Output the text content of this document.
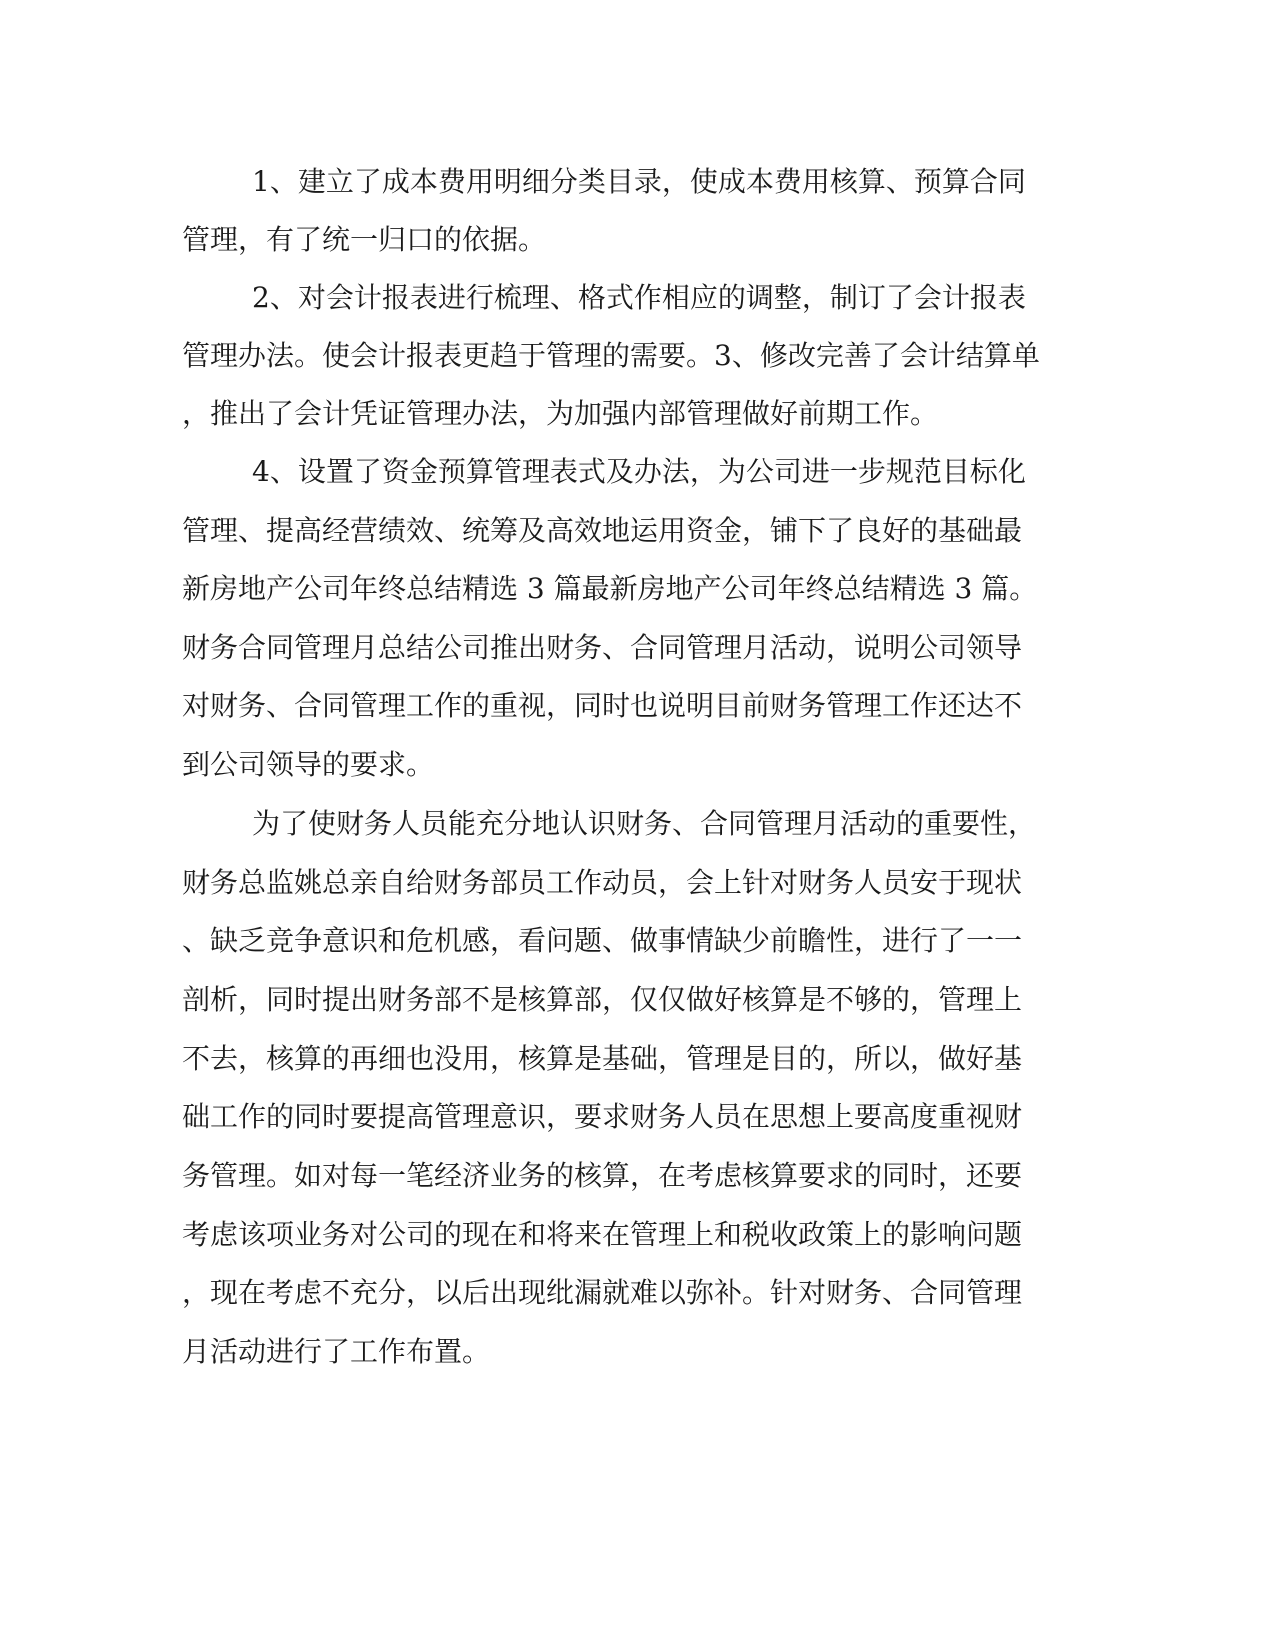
1、建立了成本费用明细分类目录，使成本费用核算、预算合同
管理，有了统一归口的依据。
2、对会计报表进行梳理、格式作相应的调整，制订了会计报表
管理办法。使会计报表更趋于管理的需要。3、修改完善了会计结算单
，推出了会计凭证管理办法，为加强内部管理做好前期工作。
4、设置了资金预算管理表式及办法，为公司进一步规范目标化
管理、提高经营绩效、统筹及高效地运用资金，铺下了良好的基础最
新房地产公司年终总结精选 3 篇最新房地产公司年终总结精选 3 篇。
财务合同管理月总结公司推出财务、合同管理月活动，说明公司领导
对财务、合同管理工作的重视，同时也说明目前财务管理工作还达不
到公司领导的要求。
为了使财务人员能充分地认识财务、合同管理月活动的重要性，
财务总监姚总亲自给财务部员工作动员，会上针对财务人员安于现状
、缺乏竞争意识和危机感，看问题、做事情缺少前瞻性，进行了一一
剖析，同时提出财务部不是核算部，仅仅做好核算是不够的，管理上
不去，核算的再细也没用，核算是基础，管理是目的，所以，做好基
础工作的同时要提高管理意识，要求财务人员在思想上要高度重视财
务管理。如对每一笔经济业务的核算，在考虑核算要求的同时，还要
考虑该项业务对公司的现在和将来在管理上和税收政策上的影响问题
，现在考虑不充分，以后出现纰漏就难以弥补。针对财务、合同管理
月活动进行了工作布置。
